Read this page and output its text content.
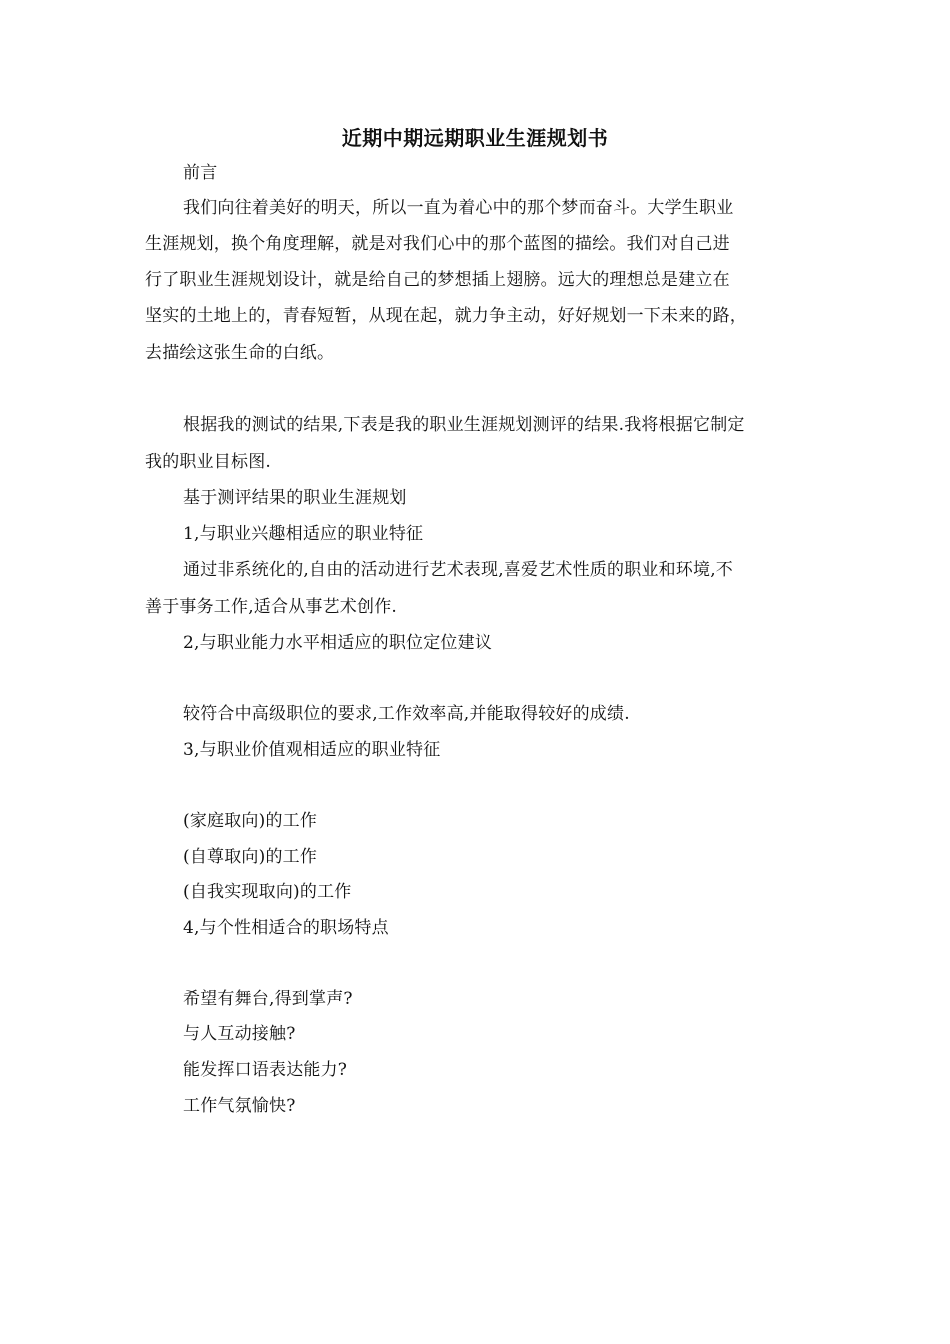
近期中期远期职业生涯规划书
前言
我们向往着美好的明天，所以一直为着心中的那个梦而奋斗。大学生职业
生涯规划，换个角度理解，就是对我们心中的那个蓝图的描绘。我们对自己进
行了职业生涯规划设计，就是给自己的梦想插上翅膀。远大的理想总是建立在
坚实的土地上的，青春短暂，从现在起，就力争主动，好好规划一下未来的路，
去描绘这张生命的白纸。
根据我的测试的结果,下表是我的职业生涯规划测评的结果.我将根据它制定
我的职业目标图.
基于测评结果的职业生涯规划
1,与职业兴趣相适应的职业特征
通过非系统化的,自由的活动进行艺术表现,喜爱艺术性质的职业和环境,不
善于事务工作,适合从事艺术创作.
2,与职业能力水平相适应的职位定位建议
较符合中高级职位的要求,工作效率高,并能取得较好的成绩.
3,与职业价值观相适应的职业特征
(家庭取向)的工作
(自尊取向)的工作
(自我实现取向)的工作
4,与个性相适合的职场特点
希望有舞台,得到掌声?
与人互动接触?
能发挥口语表达能力?
工作气氛愉快?
